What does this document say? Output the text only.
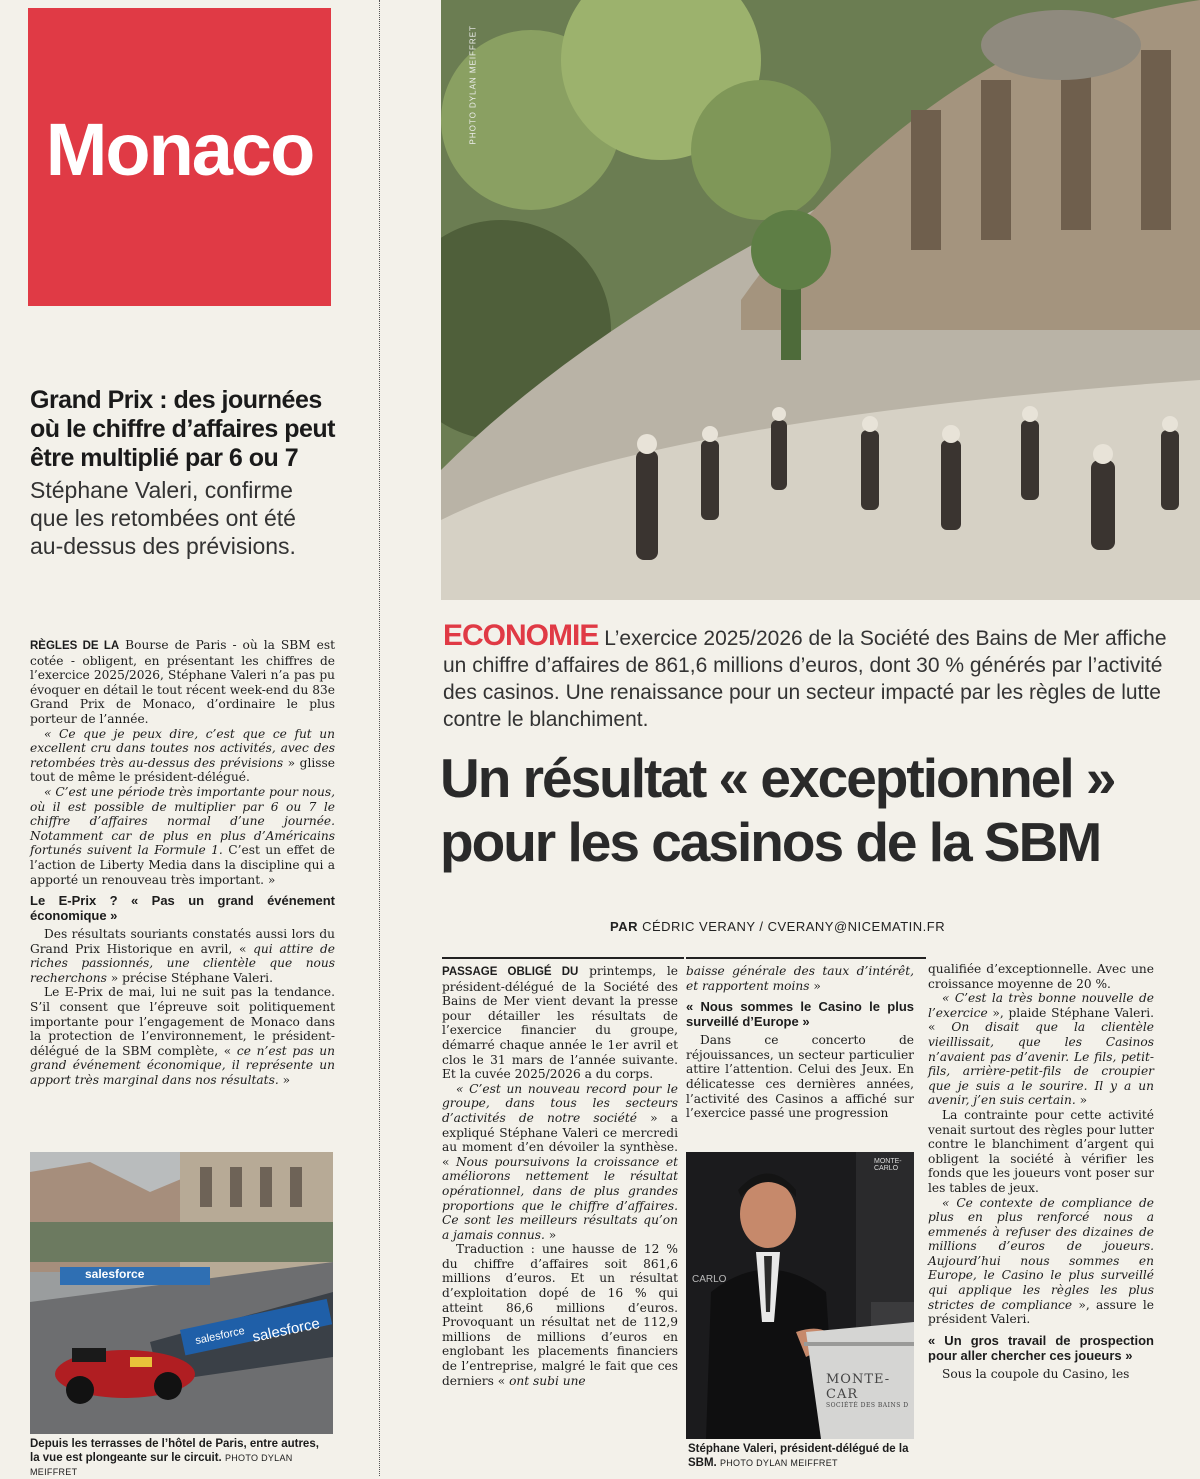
Monaco
Grand Prix : des journées où le chiffre d’affaires peut être multiplié par 6 ou 7
Stéphane Valeri, confirme que les retombées ont été au-dessus des prévisions.

RÈGLES DE LA Bourse de Paris - où la SBM est cotée - obligent, en présentant les chiffres de l’exercice 2025/2026, Stéphane Valeri n’a pas pu évoquer en détail le tout récent week-end du 83e Grand Prix de Monaco, d’ordinaire le plus porteur de l’année.

« Ce que je peux dire, c’est que ce fut un excellent cru dans toutes nos activités, avec des retombées très au-dessus des prévisions » glisse tout de même le président-délégué.

« C’est une période très importante pour nous, où il est possible de multiplier par 6 ou 7 le chiffre d’affaires normal d’une journée. Notamment car de plus en plus d’Américains fortunés suivent la Formule 1. C’est un effet de l’action de Liberty Media dans la discipline qui a apporté un renouveau très important. »

Le E-Prix ? « Pas un grand événement économique »

Des résultats souriants constatés aussi lors du Grand Prix Historique en avril, « qui attire de riches passionnés, une clientèle que nous recherchons » précise Stéphane Valeri.

Le E-Prix de mai, lui ne suit pas la tendance. S’il consent que l’épreuve soit politiquement importante pour l’engagement de Monaco dans la protection de l’environnement, le président-délégué de la SBM complète, « ce n’est pas un grand événement économique, il représente un apport très marginal dans nos résultats. »

salesforce
salesforce salesforce
Depuis les terrasses de l’hôtel de Paris, entre autres, la vue est plongeante sur le circuit. PHOTO DYLAN MEIFFRET
PHOTO DYLAN MEIFFRET
ECONOMIE L’exercice 2025/2026 de la Société des Bains de Mer affiche un chiffre d’affaires de 861,6 millions d’euros, dont 30 % générés par l’activité des casinos. Une renaissance pour un secteur impacté par les règles de lutte contre le blanchiment.
Un résultat « exceptionnel »
pour les casinos de la SBM
PAR CÉDRIC VERANY / CVERANY@NICEMATIN.FR

PASSAGE OBLIGÉ DU printemps, le président-délégué de la Société des Bains de Mer vient devant la presse pour détailler les résultats de l’exercice financier du groupe, démarré chaque année le 1er avril et clos le 31 mars de l’année suivante. Et la cuvée 2025/2026 a du corps.

« C’est un nouveau record pour le groupe, dans tous les secteurs d’activités de notre société » a expliqué Stéphane Valeri ce mercredi au moment d’en dévoiler la synthèse. « Nous poursuivons la croissance et améliorons nettement le résultat opérationnel, dans de plus grandes proportions que le chiffre d’affaires. Ce sont les meilleurs résultats qu’on a jamais connus. »

Traduction : une hausse de 12 % du chiffre d’affaires soit 861,6 millions d’euros. Et un résultat d’exploitation dopé de 16 % qui atteint 86,6 millions d’euros. Provoquant un résultat net de 112,9 millions de millions d’euros en englobant les placements financiers de l’entreprise, malgré le fait que ces derniers « ont subi une

baisse générale des taux d’intérêt, et rapportent moins »

« Nous sommes le Casino le plus surveillé d’Europe »

Dans ce concerto de réjouissances, un secteur particulier attire l’attention. Celui des Jeux. En délicatesse ces dernières années, l’activité des Casinos a affiché sur l’exercice passé une progression

MONTE-CARLO
CARLO
MONTE-CAR
SOCIÉTÉ DES BAINS D
Stéphane Valeri, président-délégué de la SBM. PHOTO DYLAN MEIFFRET

qualifiée d’exceptionnelle. Avec une croissance moyenne de 20 %.

« C’est la très bonne nouvelle de l’exercice », plaide Stéphane Valeri. « On disait que la clientèle vieillissait, que les Casinos n’avaient pas d’avenir. Le fils, petit-fils, arrière-petit-fils de croupier que je suis a le sourire. Il y a un avenir, j’en suis certain. »

La contrainte pour cette activité venait surtout des règles pour lutter contre le blanchiment d’argent qui obligent la société à vérifier les fonds que les joueurs vont poser sur les tables de jeux.

« Ce contexte de compliance de plus en plus renforcé nous a emmenés à refuser des dizaines de millions d’euros de joueurs. Aujourd’hui nous sommes en Europe, le Casino le plus surveillé qui applique les règles les plus strictes de compliance », assure le président Valeri.

« Un gros travail de prospection pour aller chercher ces joueurs »

Sous la coupole du Casino, les
